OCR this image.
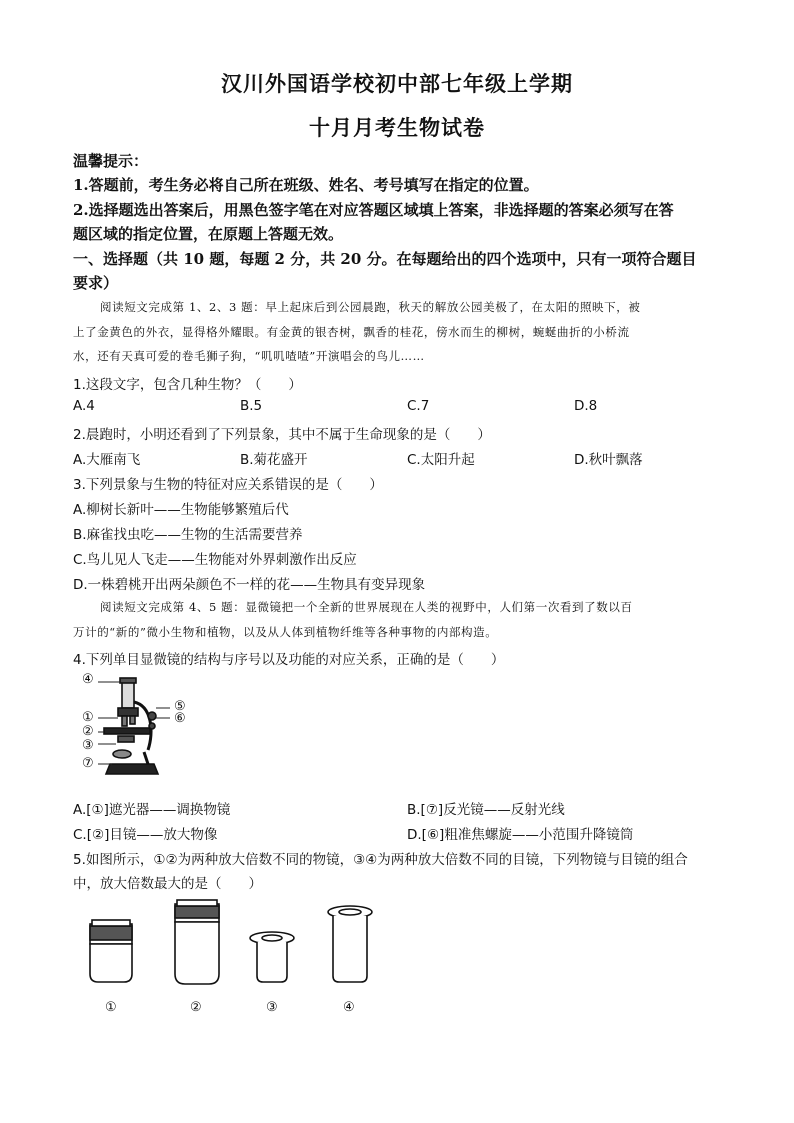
汉川外国语学校初中部七年级上学期
十月月考生物试卷
温馨提示：
1.答题前，考生务必将自己所在班级、姓名、考号填写在指定的位置。
2.选择题选出答案后，用黑色签字笔在对应答题区域填上答案，非选择题的答案必须写在答
题区域的指定位置，在原题上答题无效。
一、选择题（共 10 题，每题 2 分，共 20 分。在每题给出的四个选项中，只有一项符合题目
要求）
阅读短文完成第 1、2、3 题：早上起床后到公园晨跑，秋天的解放公园美极了，在太阳的照映下，被
上了金黄色的外衣，显得格外耀眼。有金黄的银杏树，飘香的桂花，傍水而生的柳树，蜿蜒曲折的小桥流
水，还有天真可爱的卷毛狮子狗，“叽叽喳喳”开演唱会的鸟儿……
1.这段文字，包含几种生物？（　　）
A.4	B.5	C.7	D.8
2.晨跑时，小明还看到了下列景象，其中不属于生命现象的是（　　）
A.大雁南飞	B.菊花盛开	C.太阳升起	D.秋叶飘落
3.下列景象与生物的特征对应关系错误的是（　　）
A.柳树长新叶——生物能够繁殖后代
B.麻雀找虫吃——生物的生活需要营养
C.鸟儿见人飞走——生物能对外界刺激作出反应
D.一株碧桃开出两朵颜色不一样的花——生物具有变异现象
阅读短文完成第 4、5 题：显微镜把一个全新的世界展现在人类的视野中，人们第一次看到了数以百
万计的“新的”微小生物和植物，以及从人体到植物纤维等各种事物的内部构造。
4.下列单目显微镜的结构与序号以及功能的对应关系，正确的是（　　）
④
⑤
⑥
①
②
③
⑦
A.[①]遮光器——调换物镜	B.[⑦]反光镜——反射光线
C.[②]目镜——放大物像	D.[⑥]粗准焦螺旋——小范围升降镜筒
5.如图所示，①②为两种放大倍数不同的物镜，③④为两种放大倍数不同的目镜，下列物镜与目镜的组合
中，放大倍数最大的是（　　）
①	②	③	④
